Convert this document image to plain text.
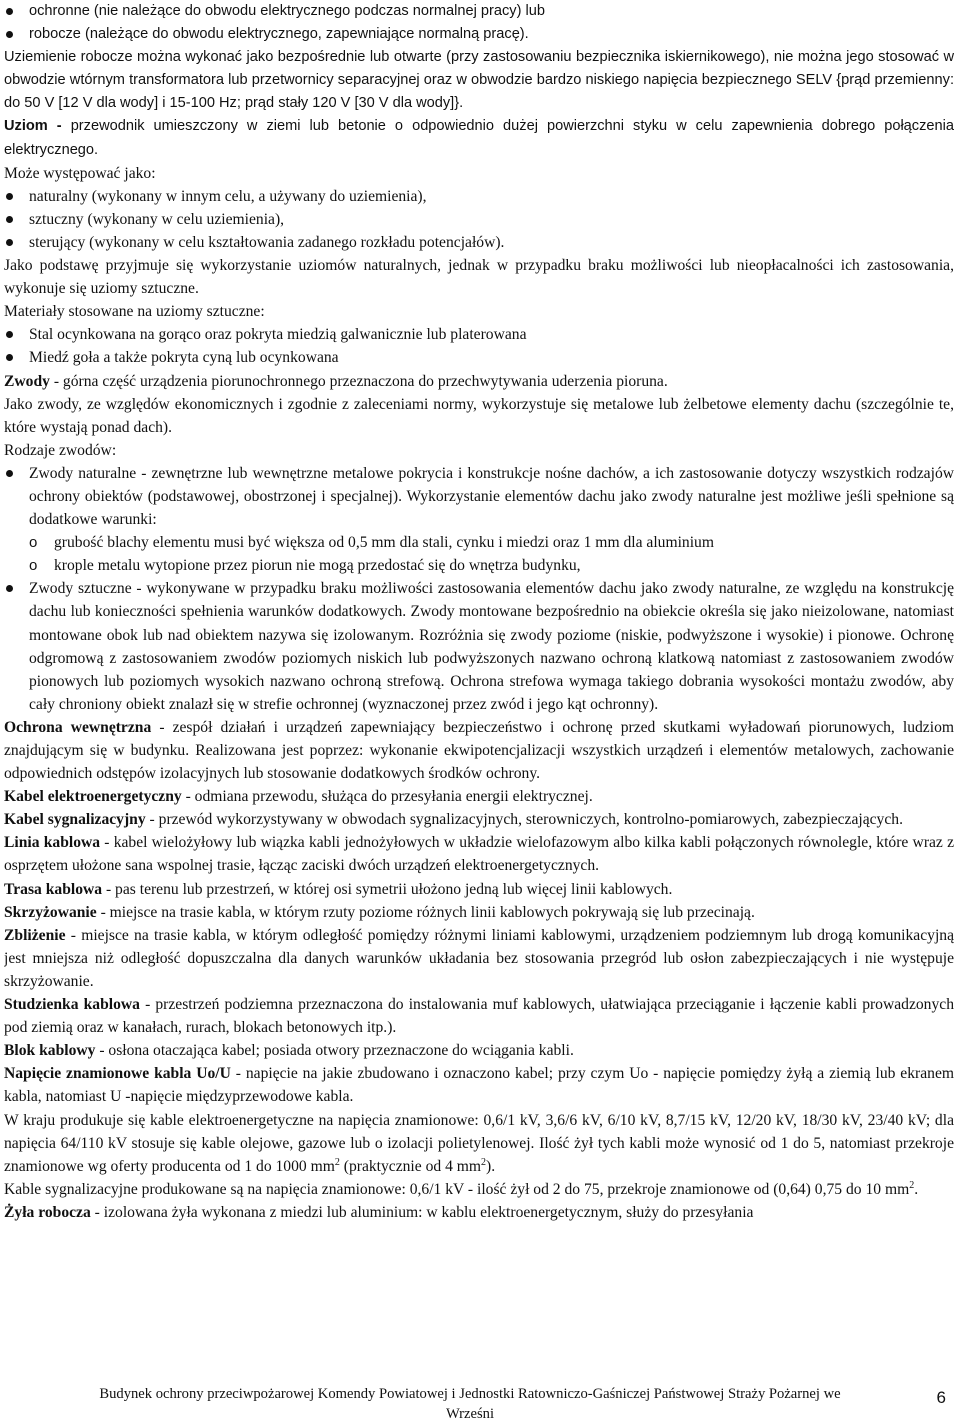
ochronne (nie należące do obwodu elektrycznego podczas normalnej pracy) lub
robocze (należące do obwodu elektrycznego, zapewniające normalną pracę).

Uziemienie robocze można wykonać jako bezpośrednie lub otwarte (przy zastosowaniu bezpiecznika iskiernikowego), nie można jego stosować w obwodzie wtórnym transformatora lub przetwornicy separacyjnej oraz w obwodzie bardzo niskiego napięcia bezpiecznego SELV {prąd przemienny: do 50 V [12 V dla wody] i 15-100 Hz; prąd stały 120 V [30 V dla wody]}.

Uziom - przewodnik umieszczony w ziemi lub betonie o odpowiednio dużej powierzchni styku w celu zapewnienia dobrego połączenia elektrycznego.

Może występować jako:

naturalny (wykonany w innym celu, a używany do uziemienia),
sztuczny (wykonany w celu uziemienia),
sterujący (wykonany w celu kształtowania zadanego rozkładu potencjałów).

Jako podstawę przyjmuje się wykorzystanie uziomów naturalnych, jednak w przypadku braku możliwości lub nieopłacalności ich zastosowania, wykonuje się uziomy sztuczne.

Materiały stosowane na uziomy sztuczne:

Stal ocynkowana na gorąco oraz pokryta miedzią galwanicznie lub platerowana
Miedź goła a także pokryta cyną lub ocynkowana

Zwody - górna część urządzenia piorunochronnego przeznaczona do przechwytywania uderzenia pioruna.

Jako zwody, ze względów ekonomicznych i zgodnie z zaleceniami normy, wykorzystuje się metalowe lub żelbetowe elementy dachu (szczególnie te, które wystają ponad dach).

Rodzaje zwodów:

Zwody naturalne - zewnętrzne lub wewnętrzne metalowe pokrycia i konstrukcje nośne dachów, a ich zastosowanie dotyczy wszystkich rodzajów ochrony obiektów (podstawowej, obostrzonej i specjalnej). Wykorzystanie elementów dachu jako zwody naturalne jest możliwe jeśli spełnione są dodatkowe warunki:
o grubość blachy elementu musi być większa od 0,5 mm dla stali, cynku i miedzi oraz 1 mm dla aluminium
o krople metalu wytopione przez piorun nie mogą przedostać się do wnętrza budynku,
Zwody sztuczne - wykonywane w przypadku braku możliwości zastosowania elementów dachu jako zwody naturalne, ze względu na konstrukcję dachu lub konieczności spełnienia warunków dodatkowych. Zwody montowane bezpośrednio na obiekcie określa się jako nieizolowane, natomiast montowane obok lub nad obiektem nazywa się izolowanym. Rozróżnia się zwody poziome (niskie, podwyższone i wysokie) i pionowe. Ochronę odgromową z zastosowaniem zwodów poziomych niskich lub podwyższonych nazwano ochroną klatkową natomiast z zastosowaniem zwodów pionowych lub poziomych wysokich nazwano ochroną strefową. Ochrona strefowa wymaga takiego dobrania wysokości montażu zwodów, aby cały chroniony obiekt znalazł się w strefie ochronnej (wyznaczonej przez zwód i jego kąt ochronny).

Ochrona wewnętrzna - zespół działań i urządzeń zapewniający bezpieczeństwo i ochronę przed skutkami wyładowań piorunowych, ludziom znajdującym się w budynku. Realizowana jest poprzez: wykonanie ekwipotencjalizacji wszystkich urządzeń i elementów metalowych, zachowanie odpowiednich odstępów izolacyjnych lub stosowanie dodatkowych środków ochrony.

Kabel elektroenergetyczny - odmiana przewodu, służąca do przesyłania energii elektrycznej.

Kabel sygnalizacyjny - przewód wykorzystywany w obwodach sygnalizacyjnych, sterowniczych, kontrolno-pomiarowych, zabezpieczających.

Linia kablowa - kabel wielożyłowy lub wiązka kabli jednożyłowych w układzie wielofazowym albo kilka kabli połączonych równolegle, które wraz z osprzętem ułożone sana wspolnej trasie, łącząc zaciski dwóch urządzeń elektroenergetycznych.

Trasa kablowa - pas terenu lub przestrzeń, w której osi symetrii ułożono jedną lub więcej linii kablowych.

Skrzyżowanie - miejsce na trasie kabla, w którym rzuty poziome różnych linii kablowych pokrywają się lub przecinają.

Zbliżenie - miejsce na trasie kabla, w którym odległość pomiędzy różnymi liniami kablowymi, urządzeniem podziemnym lub drogą komunikacyjną jest mniejsza niż odległość dopuszczalna dla danych warunków układania bez stosowania przegród lub osłon zabezpieczających i nie występuje skrzyżowanie.

Studzienka kablowa - przestrzeń podziemna przeznaczona do instalowania muf kablowych, ułatwiająca przeciąganie i łączenie kabli prowadzonych pod ziemią oraz w kanałach, rurach, blokach betonowych itp.).

Blok kablowy - osłona otaczająca kabel; posiada otwory przeznaczone do wciągania kabli.

Napięcie znamionowe kabla Uo/U - napięcie na jakie zbudowano i oznaczono kabel; przy czym Uo - napięcie pomiędzy żyłą a ziemią lub ekranem kabla, natomiast U -napięcie międzyprzewodowe kabla.

W kraju produkuje się kable elektroenergetyczne na napięcia znamionowe: 0,6/1 kV, 3,6/6 kV, 6/10 kV, 8,7/15 kV, 12/20 kV, 18/30 kV, 23/40 kV; dla napięcia 64/110 kV stosuje się kable olejowe, gazowe lub o izolacji polietylenowej. Ilość żył tych kabli może wynosić od 1 do 5, natomiast przekroje znamionowe wg oferty producenta od 1 do 1000 $mm^2$ (praktycznie od 4 $mm^2$).

Kable sygnalizacyjne produkowane są na napięcia znamionowe: 0,6/1 kV - ilość żył od 2 do 75, przekroje znamionowe od (0,64) 0,75 do 10 $mm^2$.

Żyła robocza - izolowana żyła wykonana z miedzi lub aluminium: w kablu elektroenergetycznym, służy do przesyłania

Budynek ochrony przeciwpożarowej Komendy Powiatowej i Jednostki Ratowniczo-Gaśniczej Państwowej Straży Pożarnej we
Wrześni
6
